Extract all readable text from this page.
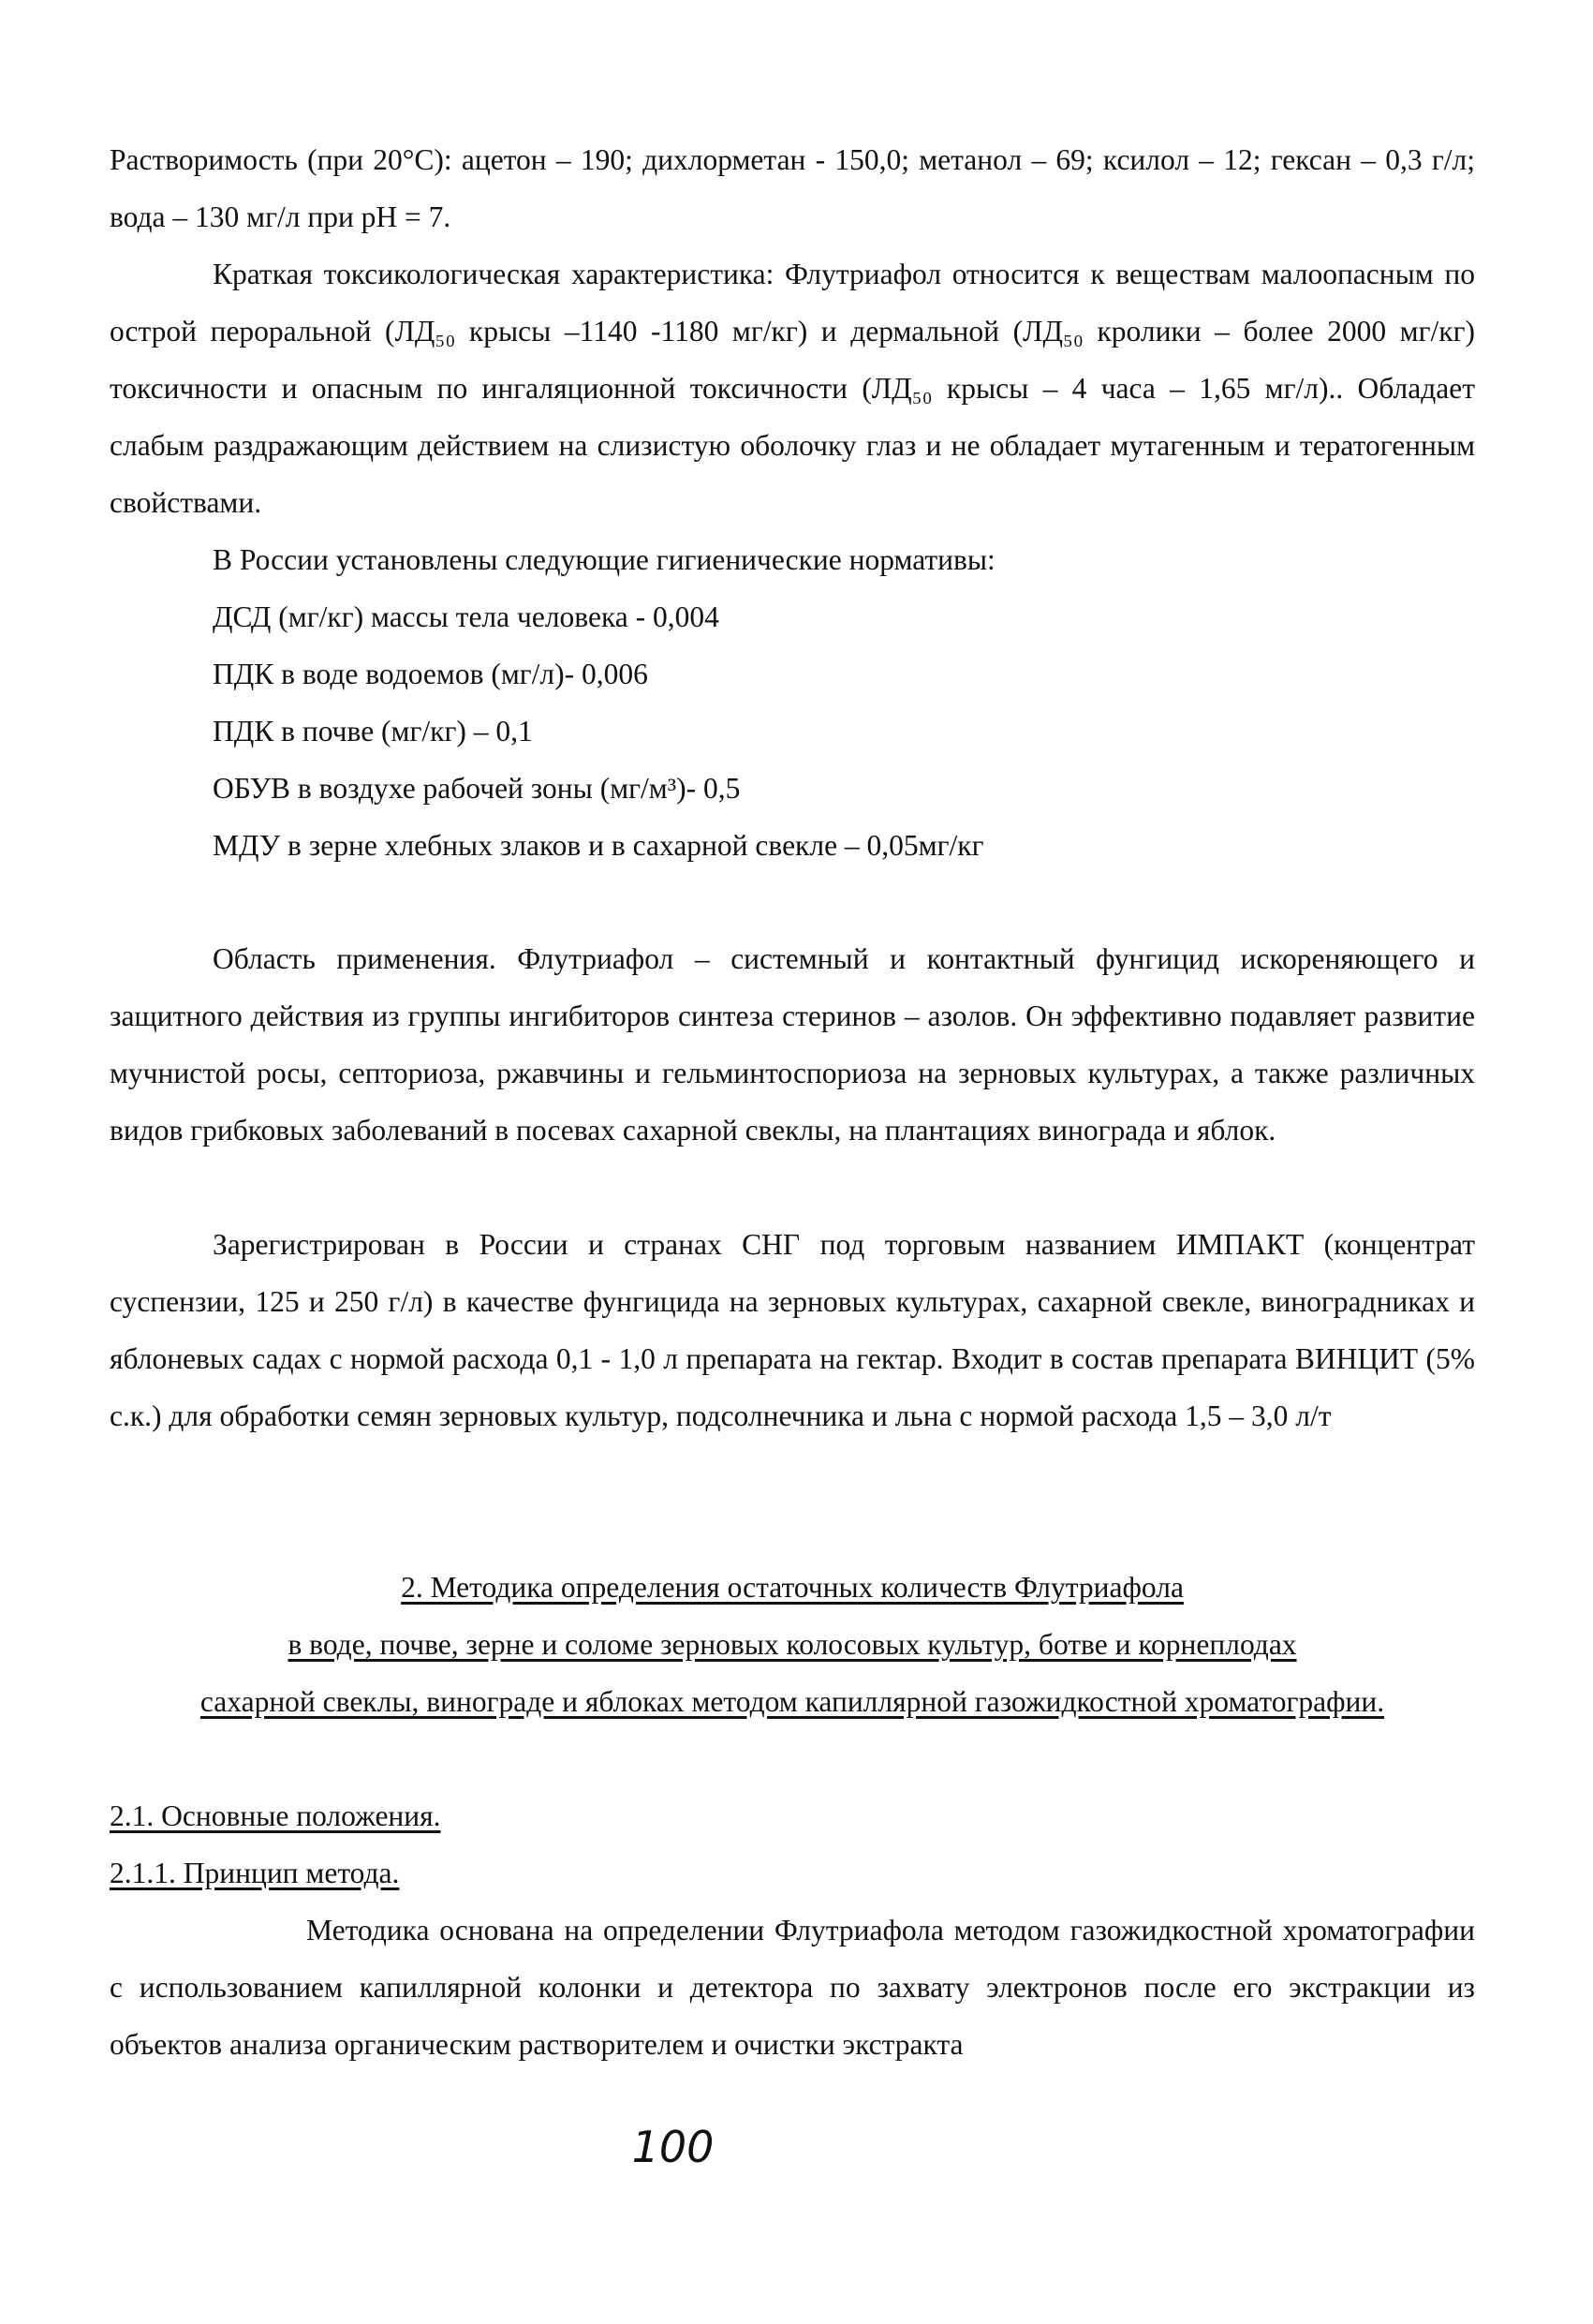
Растворимость (при 20°С): ацетон – 190; дихлорметан - 150,0; метанол – 69; ксилол – 12; гексан – 0,3 г/л; вода – 130 мг/л при pH = 7.
Краткая токсикологическая характеристика: Флутриафол относится к веществам малоопасным по острой пероральной (ЛД₅₀ крысы –1140 -1180 мг/кг) и дермальной (ЛД₅₀ кролики – более 2000 мг/кг) токсичности и опасным по ингаляционной токсичности (ЛД₅₀ крысы – 4 часа – 1,65 мг/л).. Обладает слабым раздражающим действием на слизистую оболочку глаз и не обладает мутагенным и тератогенным свойствами.
В России установлены следующие гигиенические нормативы:
ДСД (мг/кг) массы тела человека - 0,004
ПДК в воде водоемов (мг/л)- 0,006
ПДК в почве (мг/кг) – 0,1
ОБУВ в воздухе рабочей зоны (мг/м³)- 0,5
МДУ в зерне хлебных злаков и в сахарной свекле – 0,05мг/кг
Область применения. Флутриафол – системный и контактный фунгицид искореняющего и защитного действия из группы ингибиторов синтеза стеринов – азолов. Он эффективно подавляет развитие мучнистой росы, септориоза, ржавчины и гельминтоспориоза на зерновых культурах, а также различных видов грибковых заболеваний в посевах сахарной свеклы, на плантациях винограда и яблок.
Зарегистрирован в России и странах СНГ под торговым названием ИМПАКТ (концентрат суспензии, 125 и 250 г/л) в качестве фунгицида на зерновых культурах, сахарной свекле, виноградниках и яблоневых садах с нормой расхода 0,1 - 1,0 л препарата на гектар. Входит в состав препарата ВИНЦИТ (5% с.к.) для обработки семян зерновых культур, подсолнечника и льна с нормой расхода 1,5 – 3,0 л/т
2. Методика определения остаточных количеств Флутриафола
в воде, почве, зерне и соломе зерновых колосовых культур, ботве и корнеплодах
сахарной свеклы, винограде и яблоках методом капиллярной газожидкостной хроматографии.
2.1. Основные положения.
2.1.1. Принцип метода.
Методика основана на определении Флутриафола методом газожидкостной хроматографии с использованием капиллярной колонки и детектора по захвату электронов после его экстракции из объектов анализа органическим растворителем и очистки экстракта
100
